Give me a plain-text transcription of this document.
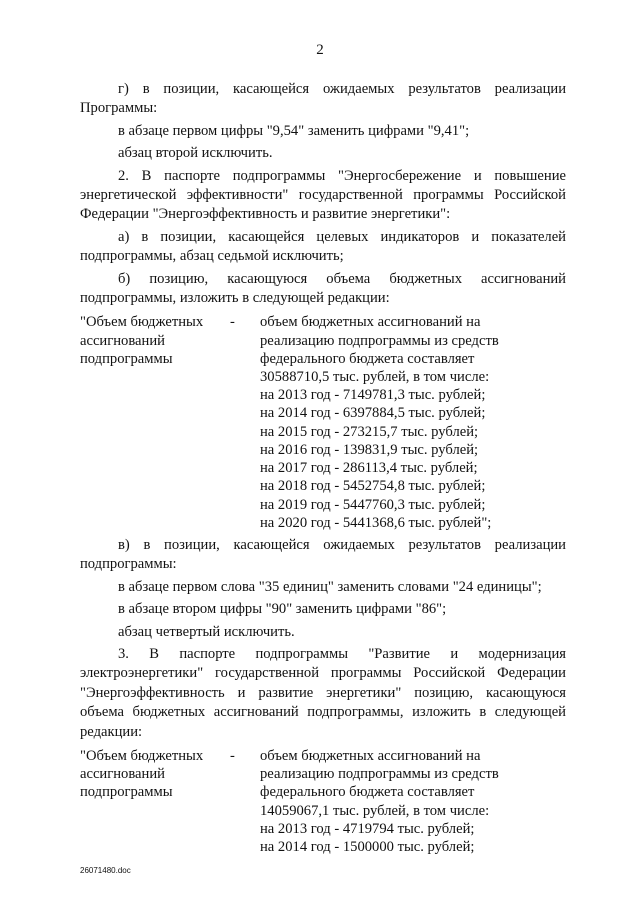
2

г) в позиции, касающейся ожидаемых результатов реализации

Программы:

в абзаце первом цифры "9,54" заменить цифрами "9,41";

абзац второй исключить.

2. В паспорте подпрограммы "Энергосбережение и повышение

энергетической эффективности" государственной программы Российской

Федерации "Энергоэффективность и развитие энергетики":

а) в позиции, касающейся целевых индикаторов и показателей

подпрограммы, абзац седьмой исключить;

б) позицию, касающуюся объема бюджетных ассигнований

подпрограммы, изложить в следующей редакции:

"Объем бюджетных
ассигнований
подпрограммы
-	объем бюджетных ассигнований на
реализацию подпрограммы из средств
федерального бюджета составляет
30588710,5 тыс. рублей, в том числе:
на 2013 год - 7149781,3 тыс. рублей;
на 2014 год - 6397884,5 тыс. рублей;
на 2015 год - 273215,7 тыс. рублей;
на 2016 год - 139831,9 тыс. рублей;
на 2017 год - 286113,4 тыс. рублей;
на 2018 год - 5452754,8 тыс. рублей;
на 2019 год - 5447760,3 тыс. рублей;
на 2020 год - 5441368,6 тыс. рублей";

в) в позиции, касающейся ожидаемых результатов реализации

подпрограммы:

в абзаце первом слова "35 единиц" заменить словами "24 единицы";

в абзаце втором цифры "90" заменить цифрами "86";

абзац четвертый исключить.

3. В паспорте подпрограммы "Развитие и модернизация

электроэнергетики" государственной программы Российской Федерации

"Энергоэффективность и развитие энергетики" позицию, касающуюся

объема бюджетных ассигнований подпрограммы, изложить в следующей

редакции:

"Объем бюджетных
ассигнований
подпрограммы
-	объем бюджетных ассигнований на
реализацию подпрограммы из средств
федерального бюджета составляет
14059067,1 тыс. рублей, в том числе:
на 2013 год - 4719794 тыс. рублей;
на 2014 год - 1500000 тыс. рублей;
26071480.doc
